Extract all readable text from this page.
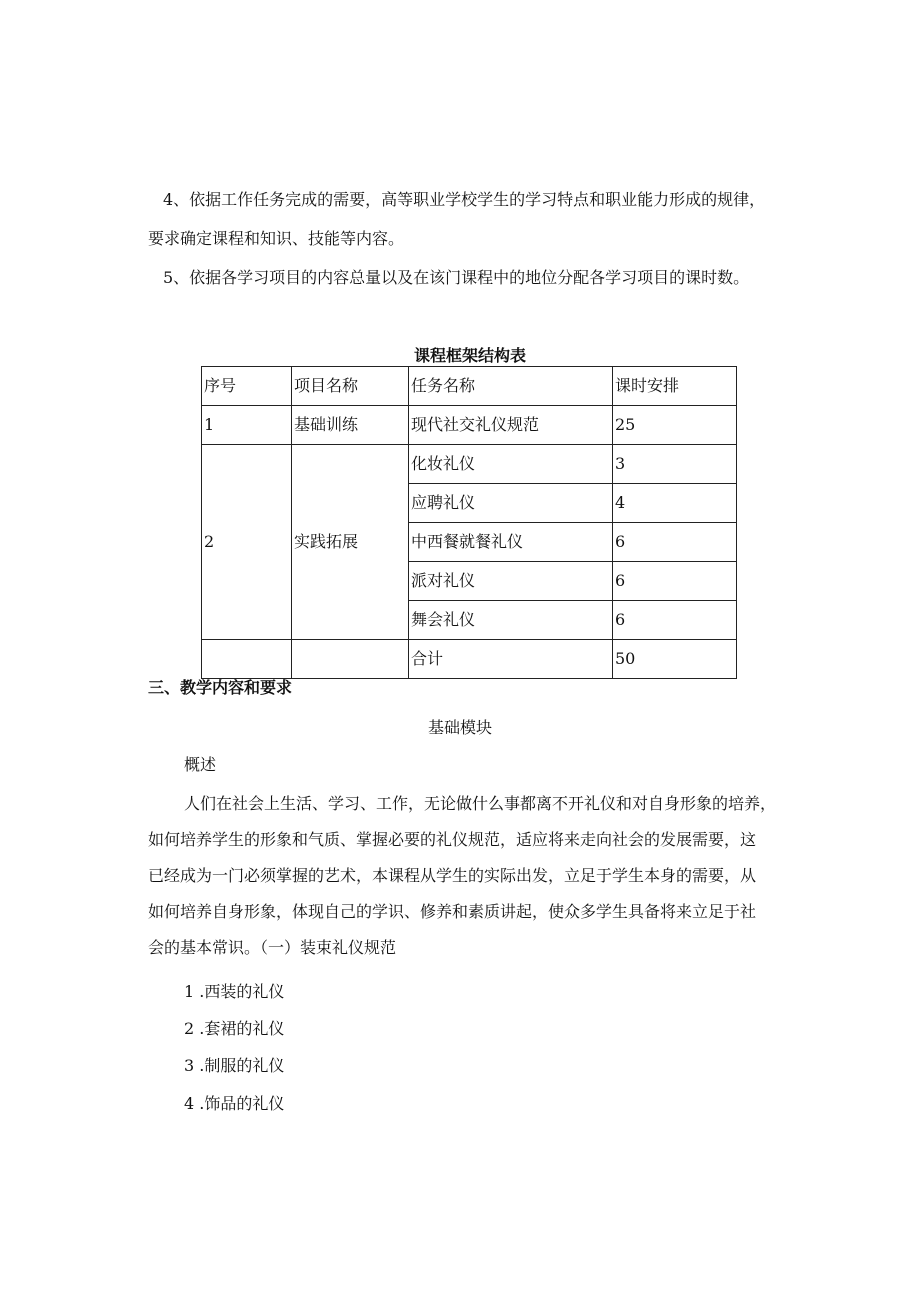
4、依据工作任务完成的需要，高等职业学校学生的学习特点和职业能力形成的规律，

要求确定课程和知识、技能等内容。

5、依据各学习项目的内容总量以及在该门课程中的地位分配各学习项目的课时数。

课程框架结构表

序号	项目名称	任务名称	课时安排
1	基础训练	现代社交礼仪规范	25
2	实践拓展	化妆礼仪	3
		应聘礼仪	4
		中西餐就餐礼仪	6
		派对礼仪	6
		舞会礼仪	6
		合计	50

三、教学内容和要求

基础模块

概述

人们在社会上生活、学习、工作，无论做什么事都离不开礼仪和对自身形象的培养，

如何培养学生的形象和气质、掌握必要的礼仪规范，适应将来走向社会的发展需要，这

已经成为一门必须掌握的艺术，本课程从学生的实际出发，立足于学生本身的需要，从

如何培养自身形象，体现自己的学识、修养和素质讲起，使众多学生具备将来立足于社

会的基本常识。（一）装束礼仪规范

1 .西装的礼仪

2 .套裙的礼仪

3 .制服的礼仪

4 .饰品的礼仪
